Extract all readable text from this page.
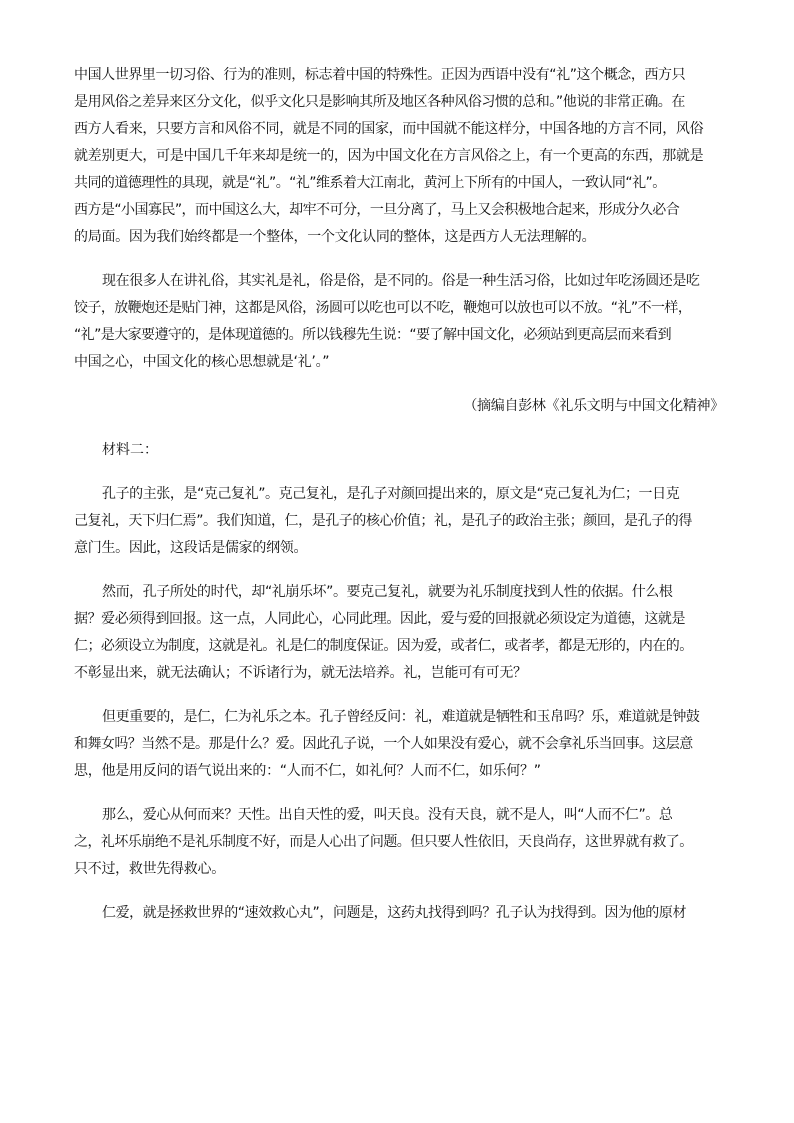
中国人世界里一切习俗、行为的准则，标志着中国的特殊性。正因为西语中没有“礼”这个概念，西方只
是用风俗之差异来区分文化，似乎文化只是影响其所及地区各种风俗习惯的总和。”他说的非常正确。在
西方人看来，只要方言和风俗不同，就是不同的国家，而中国就不能这样分，中国各地的方言不同，风俗
就差别更大，可是中国几千年来却是统一的，因为中国文化在方言风俗之上，有一个更高的东西，那就是
共同的道德理性的具现，就是“礼”。“礼”维系着大江南北，黄河上下所有的中国人，一致认同“礼”。
西方是“小国寡民”，而中国这么大，却牢不可分，一旦分离了，马上又会积极地合起来，形成分久必合
的局面。因为我们始终都是一个整体，一个文化认同的整体，这是西方人无法理解的。
现在很多人在讲礼俗，其实礼是礼，俗是俗，是不同的。俗是一种生活习俗，比如过年吃汤圆还是吃
饺子，放鞭炮还是贴门神，这都是风俗，汤圆可以吃也可以不吃，鞭炮可以放也可以不放。“礼”不一样，
“礼”是大家要遵守的，是体现道德的。所以钱穆先生说：“要了解中国文化，必须站到更高层而来看到
中国之心，中国文化的核心思想就是‘礼’。”
（摘编自彭林《礼乐文明与中国文化精神》
材料二：
孔子的主张，是“克己复礼”。克己复礼，是孔子对颜回提出来的，原文是“克己复礼为仁；一日克
己复礼，天下归仁焉”。我们知道，仁，是孔子的核心价值；礼，是孔子的政治主张；颜回，是孔子的得
意门生。因此，这段话是儒家的纲领。
然而，孔子所处的时代，却“礼崩乐坏”。要克己复礼，就要为礼乐制度找到人性的依据。什么根
据？爱必须得到回报。这一点，人同此心，心同此理。因此，爱与爱的回报就必须设定为道德，这就是
仁；必须设立为制度，这就是礼。礼是仁的制度保证。因为爱，或者仁，或者孝，都是无形的，内在的。
不彰显出来，就无法确认；不诉诸行为，就无法培养。礼，岂能可有可无？
但更重要的，是仁，仁为礼乐之本。孔子曾经反问：礼，难道就是牺牲和玉帛吗？乐，难道就是钟鼓
和舞女吗？当然不是。那是什么？爱。因此孔子说，一个人如果没有爱心，就不会拿礼乐当回事。这层意
思，他是用反问的语气说出来的：“人而不仁，如礼何？人而不仁，如乐何？”
那么，爱心从何而来？天性。出自天性的爱，叫天良。没有天良，就不是人，叫“人而不仁”。总
之，礼坏乐崩绝不是礼乐制度不好，而是人心出了问题。但只要人性依旧，天良尚存，这世界就有救了。
只不过，救世先得救心。
仁爱，就是拯救世界的“速效救心丸”，问题是，这药丸找得到吗？孔子认为找得到。因为他的原材
